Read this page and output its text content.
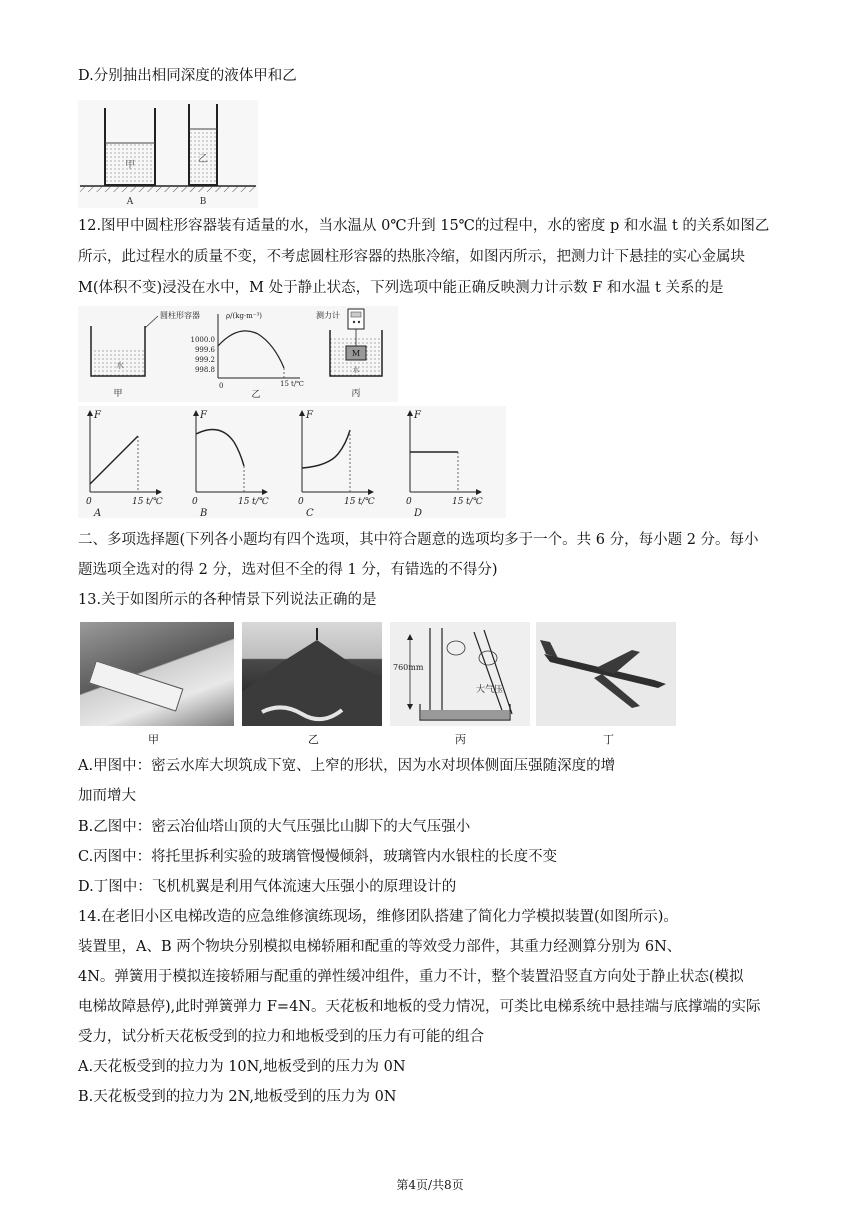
D.分别抽出相同深度的液体甲和乙
甲
乙
A	B
12.图甲中圆柱形容器装有适量的水，当水温从 0℃升到 15℃的过程中，水的密度 p 和水温 t 的关系如图乙
所示，此过程水的质量不变，不考虑圆柱形容器的热胀冷缩，如图丙所示，把测力计下悬挂的实心金属块
M(体积不变)浸没在水中，M 处于静止状态，下列选项中能正确反映测力计示数 F 和水温 t 关系的是
圆柱形容器
水
甲
ρ/(kg·m⁻³)
1000.0
999.6
999.2
998.8
0	15 t/℃
乙
测力计
M
水
丙
F
0	15 t/℃
A
F
0	15 t/℃
B
F
0	15 t/℃
C
F
0	15 t/℃
D
二、多项选择题(下列各小题均有四个选项，其中符合题意的选项均多于一个。共 6 分，每小题 2 分。每小
题选项全选对的得 2 分，选对但不全的得 1 分，有错选的不得分)
13.关于如图所示的各种情景下列说法正确的是
760mm
大气压
甲	乙	丙	丁
A.甲图中：密云水库大坝筑成下宽、上窄的形状，因为水对坝体侧面压强随深度的增
加而增大
B.乙图中：密云冶仙塔山顶的大气压强比山脚下的大气压强小
C.丙图中：将托里拆利实验的玻璃管慢慢倾斜，玻璃管内水银柱的长度不变
D.丁图中：飞机机翼是利用气体流速大压强小的原理设计的
14.在老旧小区电梯改造的应急维修演练现场，维修团队搭建了简化力学模拟装置(如图所示)。
装置里，A、B 两个物块分别模拟电梯轿厢和配重的等效受力部件，其重力经测算分别为 6N、
4N。弹簧用于模拟连接轿厢与配重的弹性缓冲组件，重力不计，整个装置沿竖直方向处于静止状态(模拟
电梯故障悬停),此时弹簧弹力 F=4N。天花板和地板的受力情况，可类比电梯系统中悬挂端与底撑端的实际
受力，试分析天花板受到的拉力和地板受到的压力有可能的组合
A.天花板受到的拉力为 10N,地板受到的压力为 0N
B.天花板受到的拉力为 2N,地板受到的压力为 0N
第4页/共8页
